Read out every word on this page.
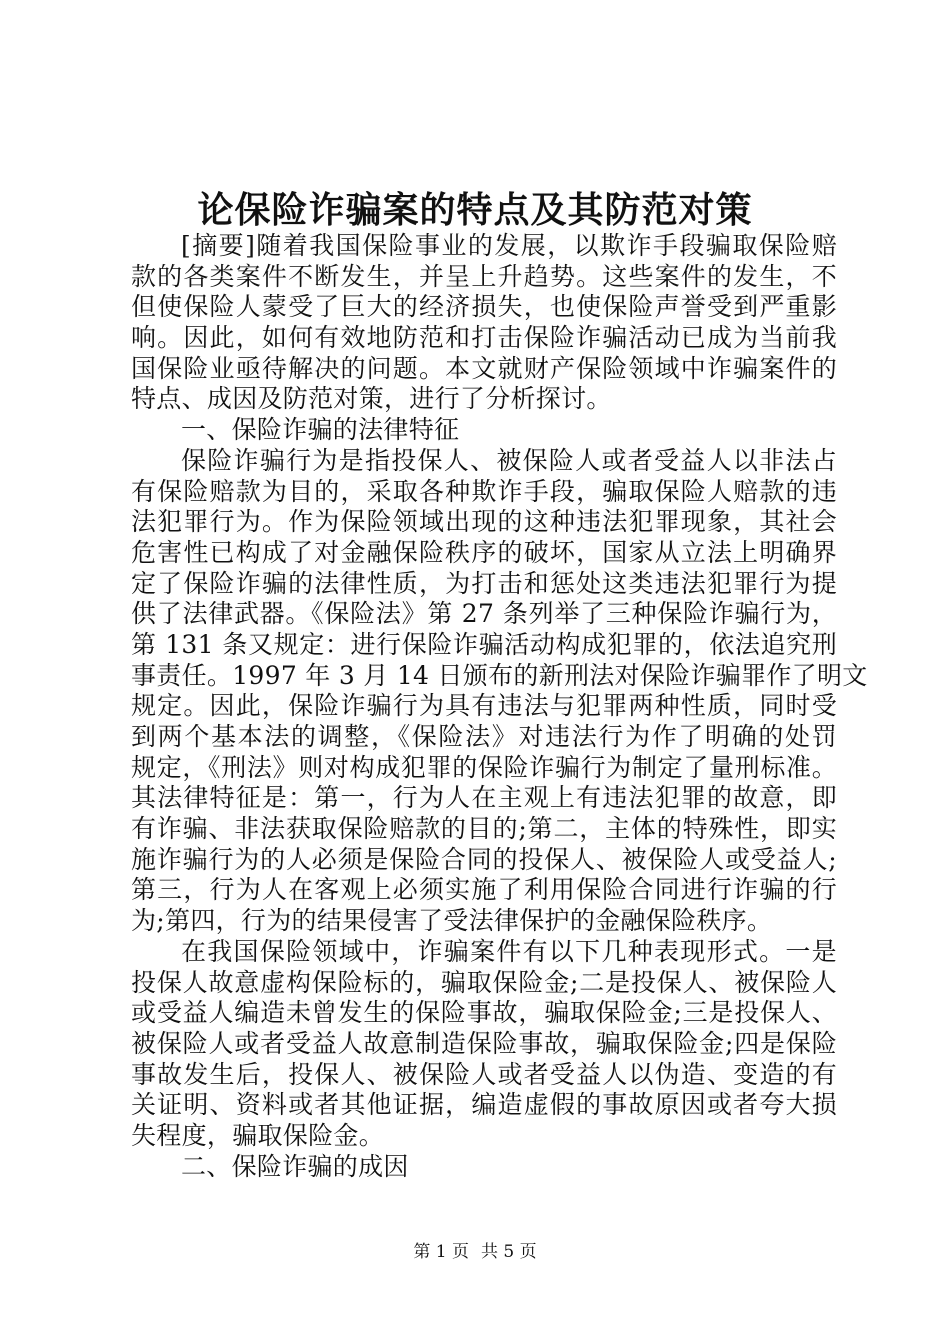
论保险诈骗案的特点及其防范对策
[摘要]随着我国保险事业的发展，以欺诈手段骗取保险赔
款的各类案件不断发生，并呈上升趋势。这些案件的发生，不
但使保险人蒙受了巨大的经济损失，也使保险声誉受到严重影
响。因此，如何有效地防范和打击保险诈骗活动已成为当前我
国保险业亟待解决的问题。本文就财产保险领域中诈骗案件的
特点、成因及防范对策，进行了分析探讨。
一、保险诈骗的法律特征
保险诈骗行为是指投保人、被保险人或者受益人以非法占
有保险赔款为目的，采取各种欺诈手段，骗取保险人赔款的违
法犯罪行为。作为保险领域出现的这种违法犯罪现象，其社会
危害性已构成了对金融保险秩序的破坏，国家从立法上明确界
定了保险诈骗的法律性质，为打击和惩处这类违法犯罪行为提
供了法律武器。《保险法》第 27 条列举了三种保险诈骗行为，
第 131 条又规定：进行保险诈骗活动构成犯罪的，依法追究刑
事责任。1997 年 3 月 14 日颁布的新刑法对保险诈骗罪作了明文
规定。因此，保险诈骗行为具有违法与犯罪两种性质，同时受
到两个基本法的调整，《保险法》对违法行为作了明确的处罚
规定，《刑法》则对构成犯罪的保险诈骗行为制定了量刑标准。
其法律特征是：第一，行为人在主观上有违法犯罪的故意，即
有诈骗、非法获取保险赔款的目的;第二，主体的特殊性，即实
施诈骗行为的人必须是保险合同的投保人、被保险人或受益人;
第三，行为人在客观上必须实施了利用保险合同进行诈骗的行
为;第四，行为的结果侵害了受法律保护的金融保险秩序。
在我国保险领域中，诈骗案件有以下几种表现形式。一是
投保人故意虚构保险标的，骗取保险金;二是投保人、被保险人
或受益人编造未曾发生的保险事故，骗取保险金;三是投保人、
被保险人或者受益人故意制造保险事故，骗取保险金;四是保险
事故发生后，投保人、被保险人或者受益人以伪造、变造的有
关证明、资料或者其他证据，编造虚假的事故原因或者夸大损
失程度，骗取保险金。
二、保险诈骗的成因
第 1 页 共 5 页
